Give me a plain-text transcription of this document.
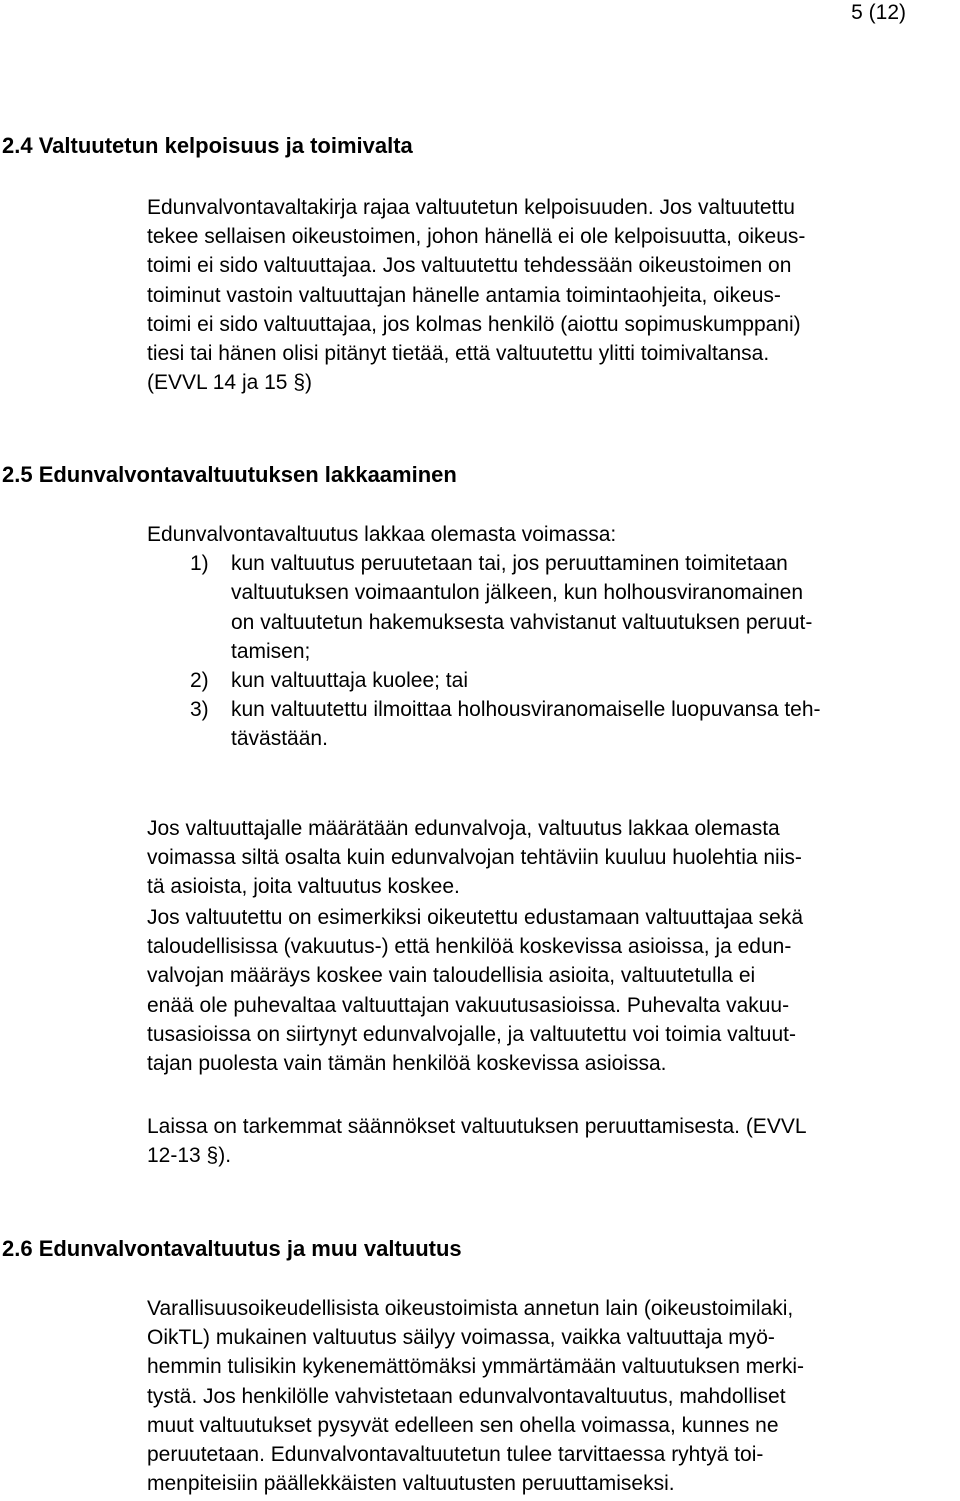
5 (12)
2.4 Valtuutetun kelpoisuus ja toimivalta
Edunvalvontavaltakirja rajaa valtuutetun kelpoisuuden. Jos valtuutettu
tekee sellaisen oikeustoimen, johon hänellä ei ole kelpoisuutta, oikeus-
toimi ei sido valtuuttajaa. Jos valtuutettu tehdessään oikeustoimen on
toiminut vastoin valtuuttajan hänelle antamia toimintaohjeita, oikeus-
toimi ei sido valtuuttajaa, jos kolmas henkilö (aiottu sopimuskumppani)
tiesi tai hänen olisi pitänyt tietää, että valtuutettu ylitti toimivaltansa.
(EVVL 14 ja 15 §)
2.5 Edunvalvontavaltuutuksen lakkaaminen
Edunvalvontavaltuutus lakkaa olemasta voimassa:
1) kun valtuutus peruutetaan tai, jos peruuttaminen toimitetaan
valtuutuksen voimaantulon jälkeen, kun holhousviranomainen
on valtuutetun hakemuksesta vahvistanut valtuutuksen peruut-
tamisen;
2) kun valtuuttaja kuolee; tai
3) kun valtuutettu ilmoittaa holhousviranomaiselle luopuvansa teh-
tävästään.
Jos valtuuttajalle määrätään edunvalvoja, valtuutus lakkaa olemasta
voimassa siltä osalta kuin edunvalvojan tehtäviin kuuluu huolehtia niis-
tä asioista, joita valtuutus koskee.
Jos valtuutettu on esimerkiksi oikeutettu edustamaan valtuuttajaa sekä
taloudellisissa (vakuutus-) että henkilöä koskevissa asioissa, ja edun-
valvojan määräys koskee vain taloudellisia asioita, valtuutetulla ei
enää ole puhevaltaa valtuuttajan vakuutusasioissa. Puhevalta vakuu-
tusasioissa on siirtynyt edunvalvojalle, ja valtuutettu voi toimia valtuut-
tajan puolesta vain tämän henkilöä koskevissa asioissa.
Laissa on tarkemmat säännökset valtuutuksen peruuttamisesta. (EVVL
12-13 §).
2.6 Edunvalvontavaltuutus ja muu valtuutus
Varallisuusoikeudellisista oikeustoimista annetun lain (oikeustoimilaki,
OikTL) mukainen valtuutus säilyy voimassa, vaikka valtuuttaja myö-
hemmin tulisikin kykenemättömäksi ymmärtämään valtuutuksen merki-
tystä. Jos henkilölle vahvistetaan edunvalvontavaltuutus, mahdolliset
muut valtuutukset pysyvät edelleen sen ohella voimassa, kunnes ne
peruutetaan. Edunvalvontavaltuutetun tulee tarvittaessa ryhtyä toi-
menpiteisiin päällekkäisten valtuutusten peruuttamiseksi.
